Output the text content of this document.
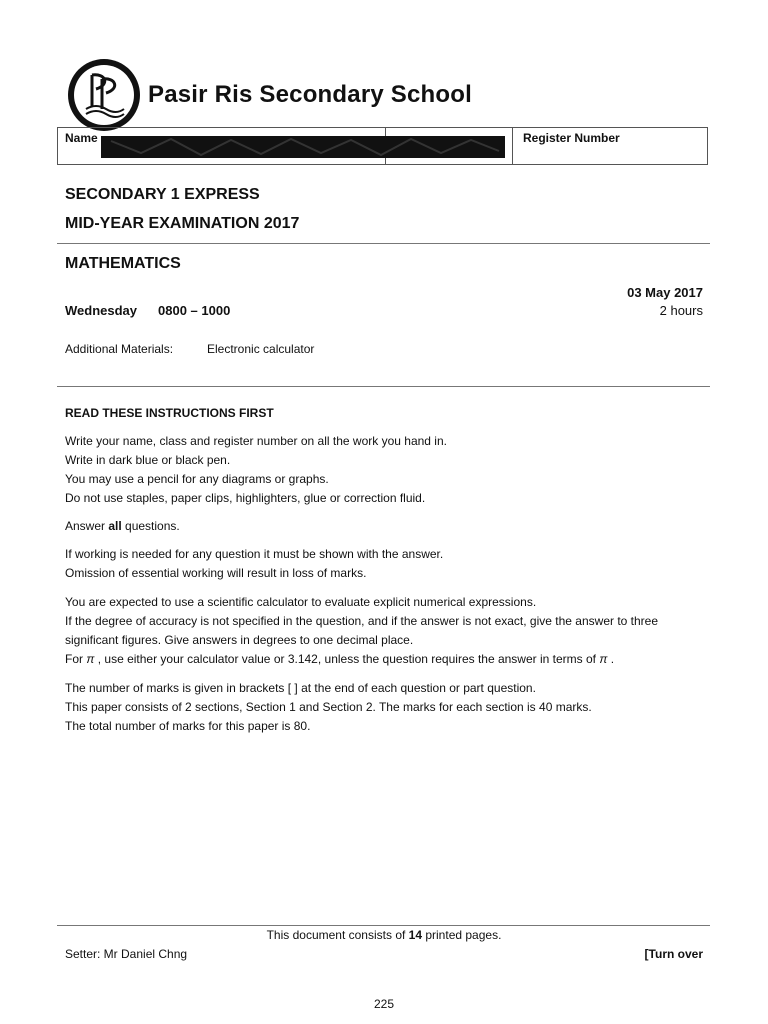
Pasir Ris Secondary School
Name	Register Number
SECONDARY 1 EXPRESS
MID-YEAR EXAMINATION 2017
MATHEMATICS
03 May 2017
Wednesday 0800 – 1000	2 hours
Additional Materials:	Electronic calculator
READ THESE INSTRUCTIONS FIRST
Write your name, class and register number on all the work you hand in.
Write in dark blue or black pen.
You may use a pencil for any diagrams or graphs.
Do not use staples, paper clips, highlighters, glue or correction fluid.
Answer all questions.
If working is needed for any question it must be shown with the answer.
Omission of essential working will result in loss of marks.
You are expected to use a scientific calculator to evaluate explicit numerical expressions.
If the degree of accuracy is not specified in the question, and if the answer is not exact, give the answer to three
significant figures. Give answers in degrees to one decimal place.
For π , use either your calculator value or 3.142, unless the question requires the answer in terms of π .
The number of marks is given in brackets [ ] at the end of each question or part question.
This paper consists of 2 sections, Section 1 and Section 2. The marks for each section is 40 marks.
The total number of marks for this paper is 80.
This document consists of 14 printed pages.
Setter: Mr Daniel Chng	[Turn over
225
